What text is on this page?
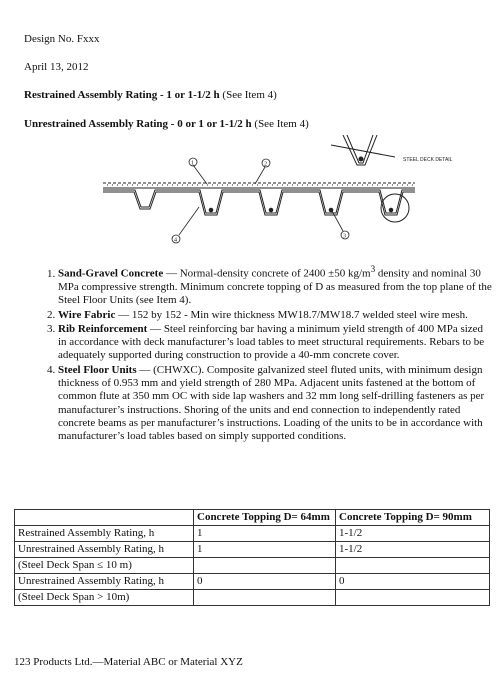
Design No. Fxxx
April 13, 2012
Restrained Assembly Rating - 1 or 1-1/2 h (See Item 4)
Unrestrained Assembly Rating - 0 or 1 or 1-1/2 h (See Item 4)
STEEL DECK DETAIL
1	2
3
4
1. Sand-Gravel Concrete — Normal-density concrete of 2400 ±50 $kg/m^3$ density and nominal 30 MPa compressive strength. Minimum concrete topping of D as measured from the top plane of the Steel Floor Units (see Item 4).
2. Wire Fabric — 152 by 152 - Min wire thickness MW18.7/MW18.7 welded steel wire mesh.
3. Rib Reinforcement — Steel reinforcing bar having a minimum yield strength of 400 MPa sized
in accordance with deck manufacturer’s load tables to meet structural requirements. Rebars to be adequately supported during construction to provide a 40-mm concrete cover.
4. Steel Floor Units — (CHWXC). Composite galvanized steel fluted units, with minimum design thickness of 0.953 mm and yield strength of 280 MPa. Adjacent units fastened at the bottom of common flute at 350 mm OC with side lap washers and 32 mm long self-drilling fasteners as per manufacturer’s instructions. Shoring of the units and end connection to independently rated concrete beams as per manufacturer’s instructions. Loading of the units to be in accordance with manufacturer’s load tables based on simply supported conditions.
	Concrete Topping D= 64mm	Concrete Topping D= 90mm
Restrained Assembly Rating, h	1	1-1/2
Unrestrained Assembly Rating, h	1	1-1/2
(Steel Deck Span ≤ 10 m)		
Unrestrained Assembly Rating, h	0	0
(Steel Deck Span > 10m)		
123 Products Ltd.—Material ABC or Material XYZ
